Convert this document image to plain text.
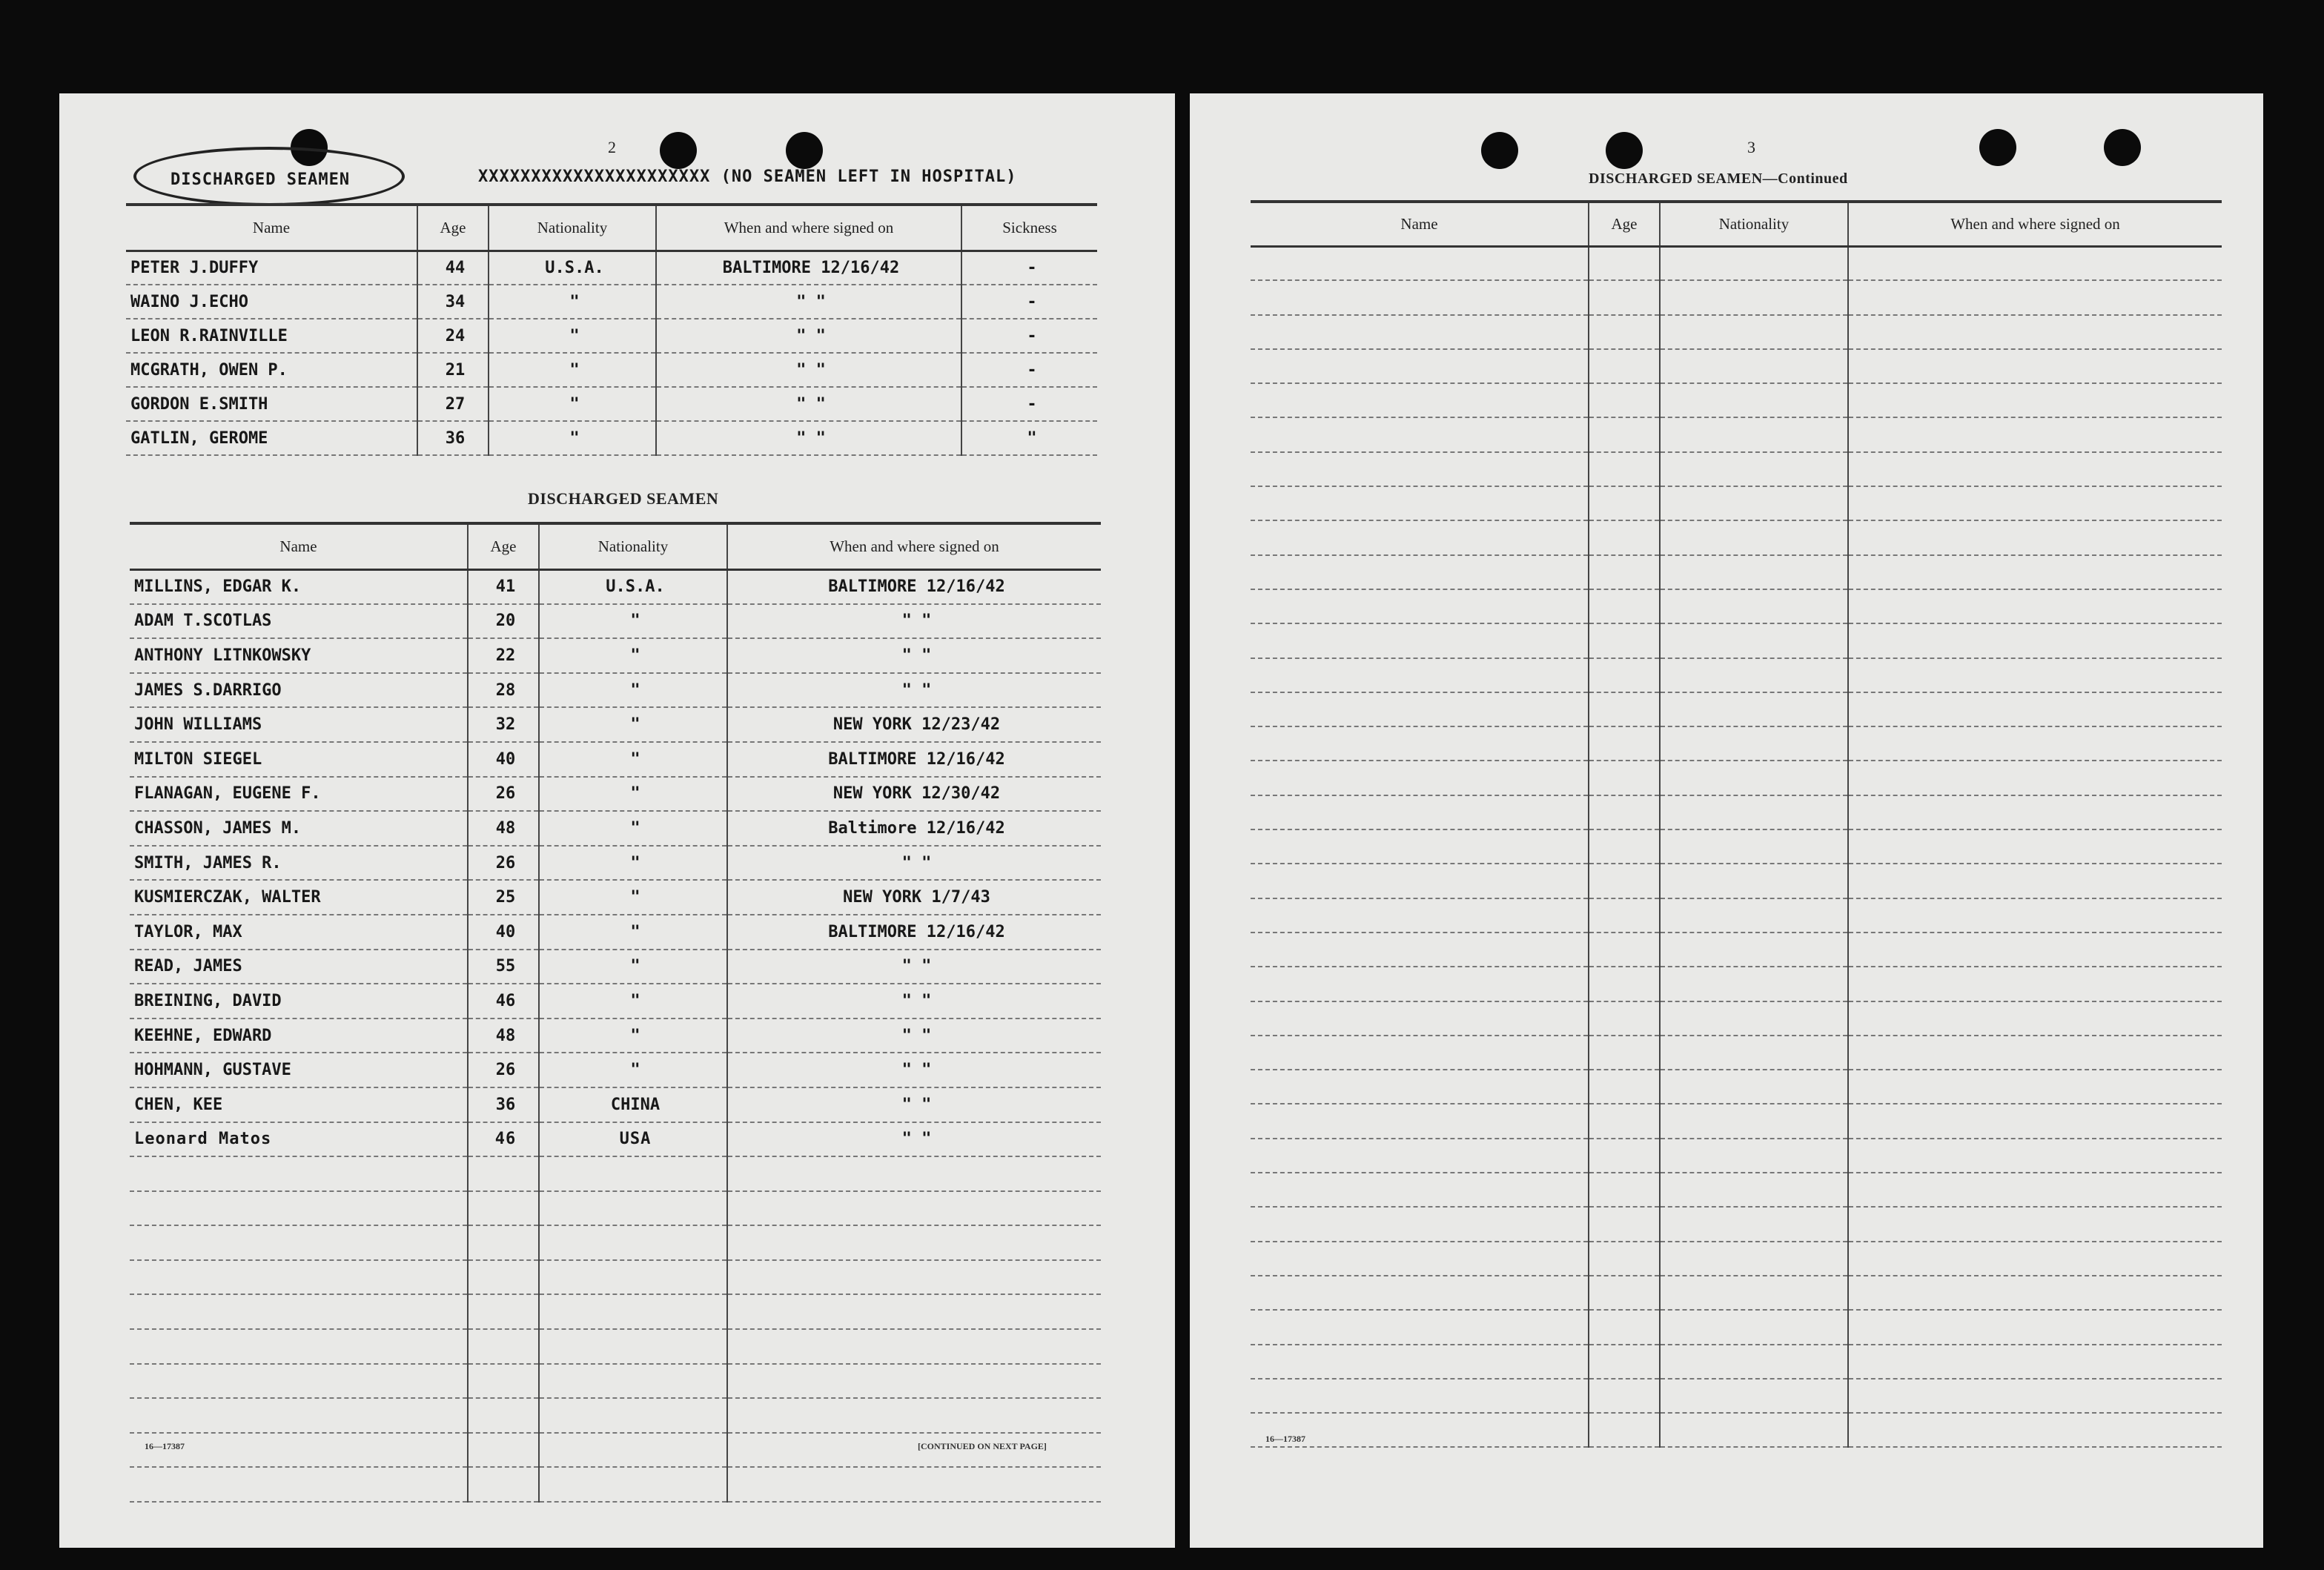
2
DISCHARGED SEAMEN	XXXXXXXXXXXXXXXXXXXXXX (NO SEAMEN LEFT IN HOSPITAL)
Name	Age	Nationality	When and where signed on	Sickness
PETER J.DUFFY	44	U.S.A.	BALTIMORE 12/16/42	-
WAINO J.ECHO	34	"	" "	-
LEON R.RAINVILLE	24	"	" "	-
MCGRATH, OWEN P.	21	"	" "	-
GORDON E.SMITH	27	"	" "	-
GATLIN, GEROME	36	"	" "	"
DISCHARGED SEAMEN
Name	Age	Nationality	When and where signed on
MILLINS, EDGAR K.	41	U.S.A.	BALTIMORE 12/16/42
ADAM T.SCOTLAS	20	"	" "
ANTHONY LITNKOWSKY	22	"	" "
JAMES S.DARRIGO	28	"	" "
JOHN WILLIAMS	32	"	NEW YORK 12/23/42
MILTON SIEGEL	40	"	BALTIMORE 12/16/42
FLANAGAN, EUGENE F.	26	"	NEW YORK 12/30/42
CHASSON, JAMES M.	48	"	Baltimore 12/16/42
SMITH, JAMES R.	26	"	" "
KUSMIERCZAK, WALTER	25	"	NEW YORK 1/7/43
TAYLOR, MAX	40	"	BALTIMORE 12/16/42
READ, JAMES	55	"	" "
BREINING, DAVID	46	"	" "
KEEHNE, EDWARD	48	"	" "
HOHMANN, GUSTAVE	26	"	" "
CHEN, KEE	36	CHINA	" "
Leonard Matos	46	USA	" "

16—17387	[CONTINUED ON NEXT PAGE]
3
DISCHARGED SEAMEN—Continued
Name	Age	Nationality	When and where signed on

16—17387
